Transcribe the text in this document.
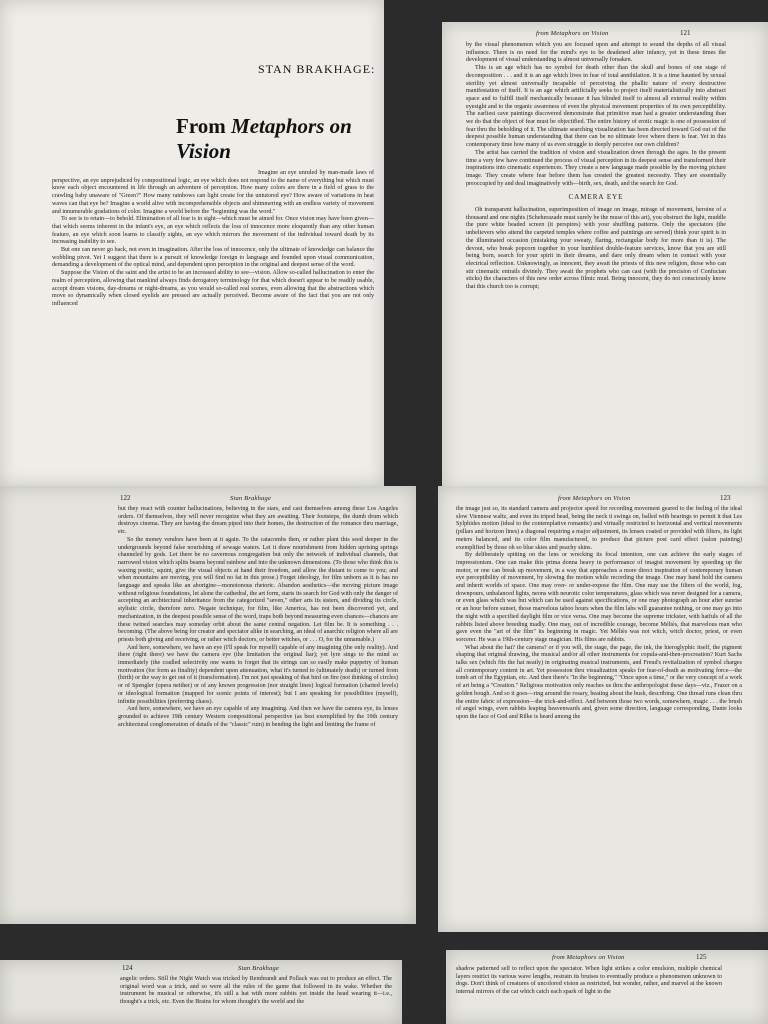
STAN BRAKHAGE:
From Metaphors on Vision

Imagine an eye unruled by man-made laws of perspective, an eye unprejudiced by compositional logic, an eye which does not respond to the name of everything but which must know each object encountered in life through an adventure of perception. How many colors are there in a field of grass to the crawling baby unaware of "Green?" How many rainbows can light create for the untutored eye? How aware of variations in heat waves can that eye be? Imagine a world alive with incomprehensible objects and shimmering with an endless variety of movement and innumerable gradations of color. Imagine a world before the "beginning was the word."

To see is to retain—to behold. Elimination of all fear is in sight—which must be aimed for. Once vision may have been given—that which seems inherent in the infant's eye, an eye which reflects the loss of innocence more eloquently than any other human feature, an eye which soon learns to classify sights, an eye which mirrors the movement of the individual toward death by its increasing inability to see.

But one can never go back, not even in imagination. After the loss of innocence, only the ultimate of knowledge can balance the wobbling pivot. Yet I suggest that there is a pursuit of knowledge foreign to language and founded upon visual communication, demanding a development of the optical mind, and dependent upon perception in the original and deepest sense of the word.

Suppose the Vision of the saint and the artist to be an increased ability to see—vision. Allow so-called hallucination to enter the realm of perception, allowing that mankind always finds derogatory terminology for that which doesn't appear to be readily usable, accept dream visions, day-dreams or night-dreams, as you would so-called real scenes, even allowing that the abstractions which move so dynamically when closed eyelids are pressed are actually perceived. Become aware of the fact that you are not only influenced

from Metaphors on Vision	121

by the visual phenomenon which you are focused upon and attempt to sound the depths of all visual influence. There is no need for the mind's eye to be deadened after infancy, yet in these times the development of visual understanding is almost universally forsaken.

This is an age which has no symbol for death other than the skull and bones of one stage of decomposition . . . and it is an age which lives in fear of total annihilation. It is a time haunted by sexual sterility yet almost universally incapable of perceiving the phallic nature of every destructive manifestation of itself. It is an age which artificially seeks to project itself materialistically into abstract space and to fulfill itself mechanically because it has blinded itself to almost all external reality within eyesight and to the organic awareness of even the physical movement properties of its own perceptibility. The earliest cave paintings discovered demonstrate that primitive man had a greater understanding than we do that the object of fear must be objectified. The entire history of erotic magic is one of possession of fear thru the beholding of it. The ultimate searching visualization has been directed toward God out of the deepest possible human understanding that there can be no ultimate love where there is fear. Yet in this contemporary time how many of us even struggle to deeply perceive our own children?

The artist has carried the tradition of vision and visualization down through the ages. In the present time a very few have continued the process of visual perception in its deepest sense and transformed their inspirations into cinematic experiences. They create a new language made possible by the moving picture image. They create where fear before them has created the greatest necessity. They are essentially preoccupied by and deal imaginatively with—birth, sex, death, and the search for God.

CAMERA EYE

Oh transparent hallucination, superimposition of image on image, mirage of movement, heroine of a thousand and one nights (Scheherazade must surely be the muse of this art), you obstruct the light, muddle the pure white beaded screen (it perspires) with your shuffling patterns. Only the spectators (the unbelievers who attend the carpeted temples where coffee and paintings are served) think your spirit is in the illuminated occasion (mistaking your sweaty, flaring, rectangular body for more than it is). The devout, who break popcorn together in your humblest double-feature services, know that you are still being born, search for your spirit in their dreams, and dare only dream when in contact with your electrical reflection. Unknowingly, as innocent, they await the priests of this new religion, those who can stir cinematic entrails divinely. They await the prophets who can cast (with the precision of Confucian sticks) the characters of this new order across filmic mud. Being innocent, they do not consciously know that this church too is corrupt;

122	Stan Brakhage

but they react with counter hallucinations, believing in the stars, and cast themselves among these Los Angeles orders. Of themselves, they will never recognize what they are awaiting. Their footsteps, the dumb drum which destroys cinema. They are having the dream piped into their homes, the destruction of the romance thru marriage, etc.

So the money vendors have been at it again. To the catacombs then, or rather plant this seed deeper in the undergrounds beyond false nourishing of sewage waters. Let it draw nourishment from hidden uprising springs channeled by gods. Let there be no cavernous congregation but only the network of individual channels, that narrowed vision which splits beams beyond rainbow and into the unknown dimensions. (To those who think this is waxing poetic, squint, give the visual objects at hand their freedom, and allow the distant to come to you; and when mountains are moving, you will find no fat in this prose.) Forget ideology, for film unborn as it is has no language and speaks like an aborigine—monotonous rhetoric. Abandon aesthetics—the moving picture image without religious foundations, let alone the cathedral, the art form, starts its search for God with only the danger of accepting an architectural inheritance from the categorized "seven," other arts its sisters, and dividing its circle, stylistic circle, therefore zero. Negate technique, for film, like America, has not been discovered yet, and mechanization, in the deepest possible sense of the word, traps both beyond measuring even chances—chances are these twined searches may someday orbit about the same central negation. Let film be. It is something . . . becoming. (The above being for creator and spectator alike in searching, an ideal of anarchic religion where all are priests both giving and receiving, or rather witch doctors, or better witches, or . . . O, for the unnamable.)

And here, somewhere, we have an eye (I'll speak for myself) capable of any imagining (the only reality). And there (right there) we have the camera eye (the limitation the original liar); yet lyre sings to the mind so immediately (the cradled selectivity one wants to forget that its strings can so easily make puppetry of human motivation (for form as finality) dependent upon attenuation, what it's turned to (ultimately death) or turned from (birth) or the way to get out of it (transformation). I'm not just speaking of that bird on fire (not thinking of circles) or of Spengler (opera neither) or of any known progression (nor straight lines) logical formation (charted levels) or ideological formation (mapped for scenic points of interest); but I am speaking for possibilities (myself), infinite possibilities (preferring chaos).

And here, somewhere, we have an eye capable of any imagining. And then we have the camera eye, its lenses grounded to achieve 19th century Western compositional perspective (as best exemplified by the 19th century architectural conglomeration of details of the "classic" ruin) in bending the light and limiting the frame of

from Metaphors on Vision	123

the image just so, its standard camera and projector speed for recording movement geared to the feeling of the ideal slow Viennese waltz, and even its tripod head, being the neck it swings on, balled with bearings to permit it that Les Sylphides motion (ideal to the contemplative romantic) and virtually restricted to horizontal and vertical movements (pillars and horizon lines) a diagonal requiring a major adjustment, its lenses coated or provided with filters, its light meters balanced, and its color film manufactured, to produce that picture post card effect (salon painting) exemplified by those oh so blue skies and peachy skins.

By deliberately spitting on the lens or wrecking its focal intention, one can achieve the early stages of impressionism. One can make this prima donna heavy in performance of imagist movement by speeding up the motor, or one can break up movement, in a way that approaches a more direct inspiration of contemporary human eye perceptibility of movement, by slowing the motion while recording the image. One may hand hold the camera and inherit worlds of space. One may over- or under-expose the film. One may use the filters of the world, fog, downpours, unbalanced lights, neons with neurotic color temperatures, glass which was never designed for a camera, or even glass which was but which can be used against specifications, or one may photograph an hour after sunrise or an hour before sunset, those marvelous taboo hours when the film labs will guarantee nothing, or one may go into the night with a specified daylight film or vice versa. One may become the supreme trickster, with hatfuls of all the rabbits listed above breeding madly. One may, out of incredible courage, become Méliès, that marvelous man who gave even the "art of the film" its beginning in magic. Yet Méliès was not witch, witch doctor, priest, or even sorcerer. He was a 19th-century stage magician. His films are rabbits.

What about the hat? the camera? or if you will, the stage, the page, the ink, the hieroglyphic itself, the pigment shaping that original drawing, the musical and/or all other instruments for copula-and-then-procreation? Kurt Sachs talks sex (which fits the hat neatly) in originating musical instruments, and Freud's revitalization of symbol charges all contemporary content in art. Yet possession thru visualization speaks for fear-of-death as motivating force—the tomb art of the Egyptian, etc. And then there's "In the beginning," "Once upon a time," or the very concept of a work of art being a "Creation." Religious motivation only reaches us thru the anthropologist these days—viz., Frazer on a golden bough. And so it goes—ring around the rosary, beating about the bush, describing. One thread runs clean thru the entire fabric of expression—the trick-and-effect. And between those two words, somewhere, magic . . . the brush of angel wings, even rabbits leaping heavenwards and, given some direction, language corresponding, Dante looks upon the face of God and Rilke is heard among the

124	Stan Brakhage

angelic orders. Still the Night Watch was tricked by Rembrandt and Pollack was out to produce an effect. The original word was a trick, and so were all the rules of the game that followed in its wake. Whether the instrument be musical or otherwise, it's still a hat with more rabbits yet inside the head wearing it—i.e., thought's a trick, etc. Even the Brains for whom thought's the world and the

from Metaphors on Vision	125

shadow patterned self to reflect upon the spectator. When light strikes a color emulsion, multiple chemical layers restrict its various wave lengths, restrain its bruises to eventually produce a phenomenon unknown to dogs. Don't think of creatures of uncolored vision as restricted, but wonder, rather, and marvel at the known internal mirrors of the cat which catch each spark of light in the
